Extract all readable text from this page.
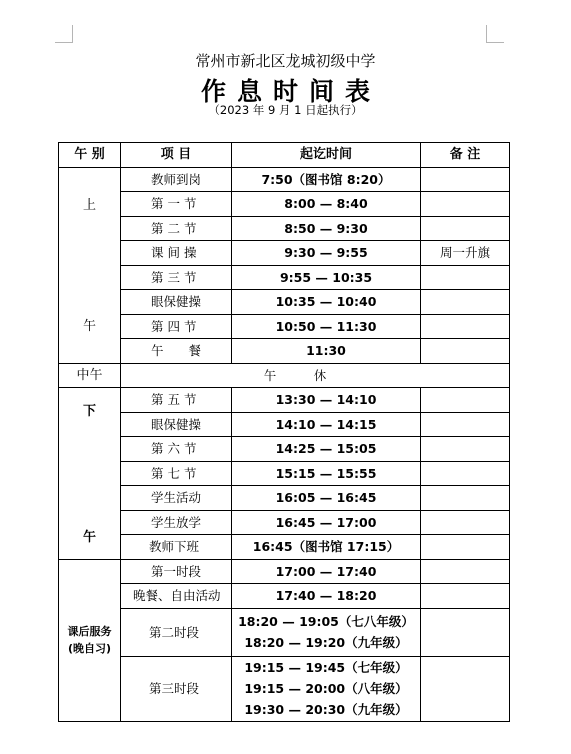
常州市新北区龙城初级中学
作息时间表
（2023 年 9 月 1 日起执行）
午 别	项 目	起讫时间	备 注

上
午	教师到岗	7:50（图书馆 8:20）	
	第 一 节	8:00 — 8:40	
	第 二 节	8:50 — 9:30	
	课 间 操	9:30 — 9:55	周一升旗
	第 三 节	9:55 — 10:35	
	眼保健操	10:35 — 10:40	
	第 四 节	10:50 — 11:30	
	午　　餐	11:30	
中午	午　　　休		

下
午	第 五 节	13:30 — 14:10	
	眼保健操	14:10 — 14:15	
	第 六 节	14:25 — 15:05	
	第 七 节	15:15 — 15:55	
	学生活动	16:05 — 16:45	
	学生放学	16:45 — 17:00	
	教师下班	16:45（图书馆 17:15）	

课后服务
(晚自习)	第一时段	17:00 — 17:40	
	晚餐、自由活动	17:40 — 18:20	
	第二时段	18:20 — 19:05（七八年级）
18:20 — 19:20（九年级）	

	第三时段	19:15 — 19:45（七年级）
19:15 — 20:00（八年级）
19:30 — 20:30（九年级）	
